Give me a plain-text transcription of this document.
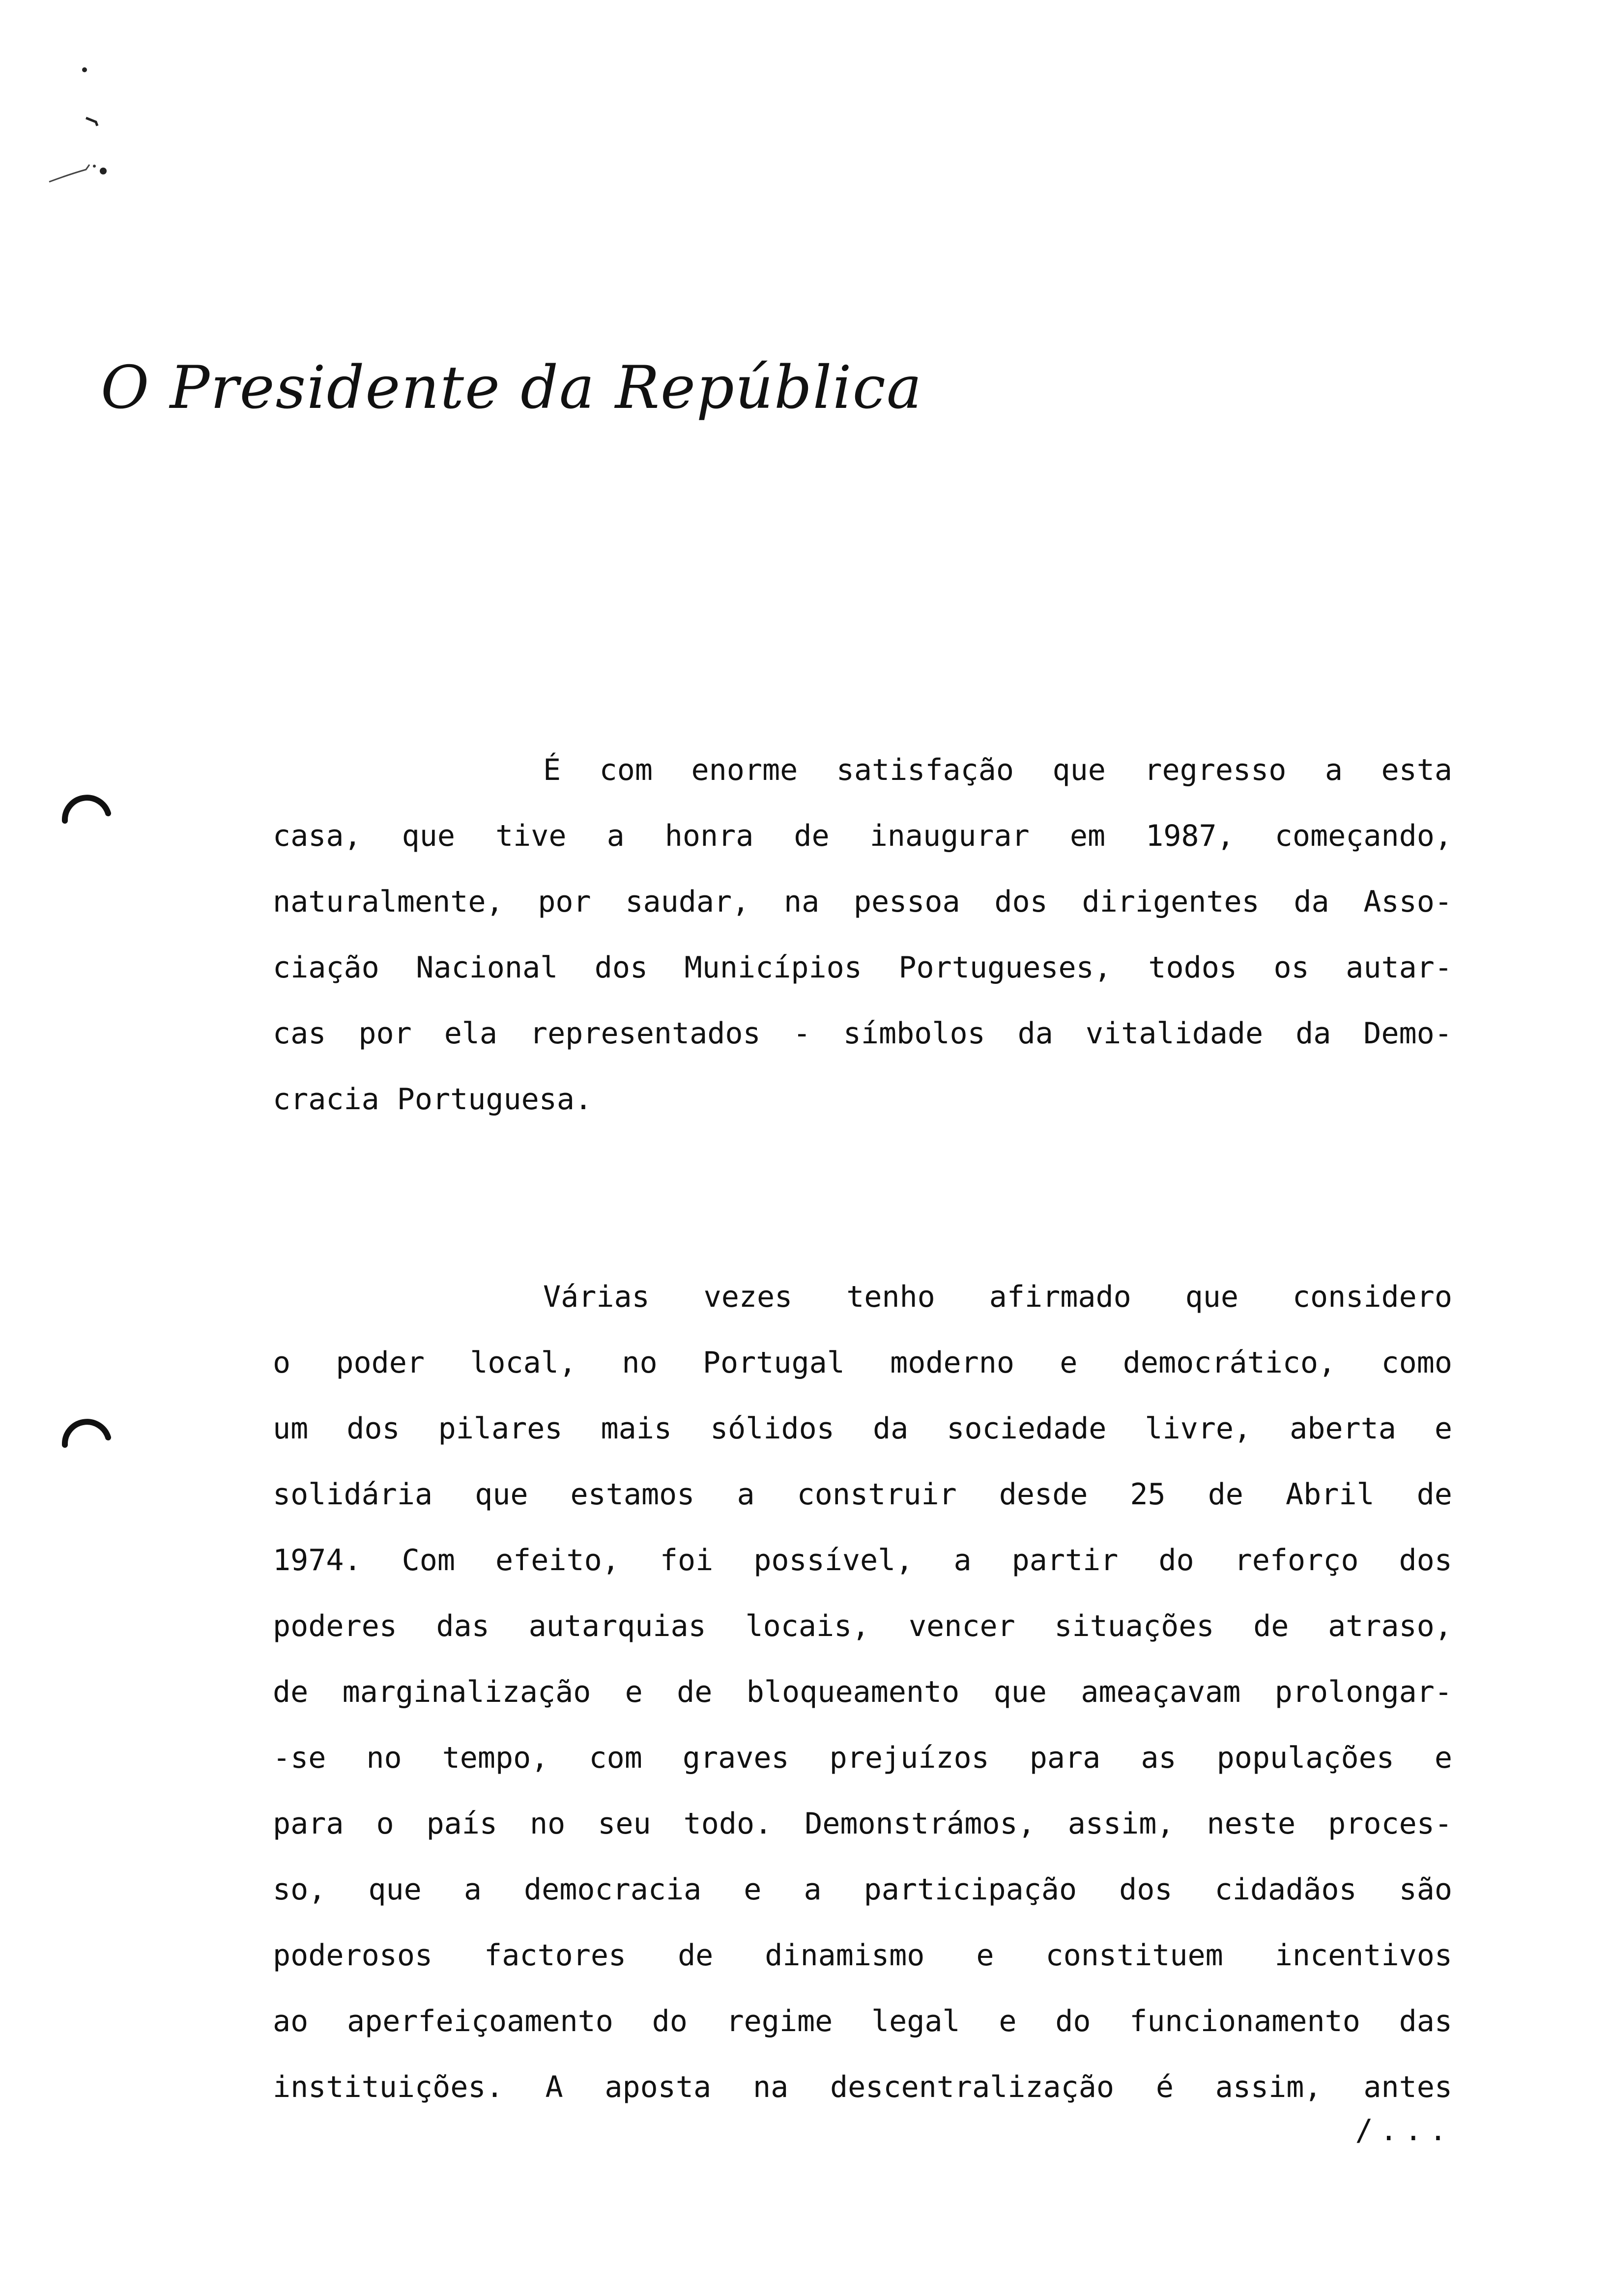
O Presidente da República
É com enorme satisfação que regresso a esta
casa, que tive a honra de inaugurar em 1987, começando,
naturalmente, por saudar, na pessoa dos dirigentes da Asso-
ciação Nacional dos Municípios Portugueses, todos os autar-
cas por ela representados - símbolos da vitalidade da Demo-
cracia Portuguesa.
Várias vezes tenho afirmado que considero
o poder local, no Portugal moderno e democrático, como
um dos pilares mais sólidos da sociedade livre, aberta e
solidária que estamos a construir desde 25 de Abril de
1974. Com efeito, foi possível, a partir do reforço dos
poderes das autarquias locais, vencer situações de atraso,
de marginalização e de bloqueamento que ameaçavam prolongar-
-se no tempo, com graves prejuízos para as populações e
para o país no seu todo. Demonstrámos, assim, neste proces-
so, que a democracia e a participação dos cidadãos são
poderosos factores de dinamismo e constituem incentivos
ao aperfeiçoamento do regime legal e do funcionamento das
instituições. A aposta na descentralização é assim, antes
/...
